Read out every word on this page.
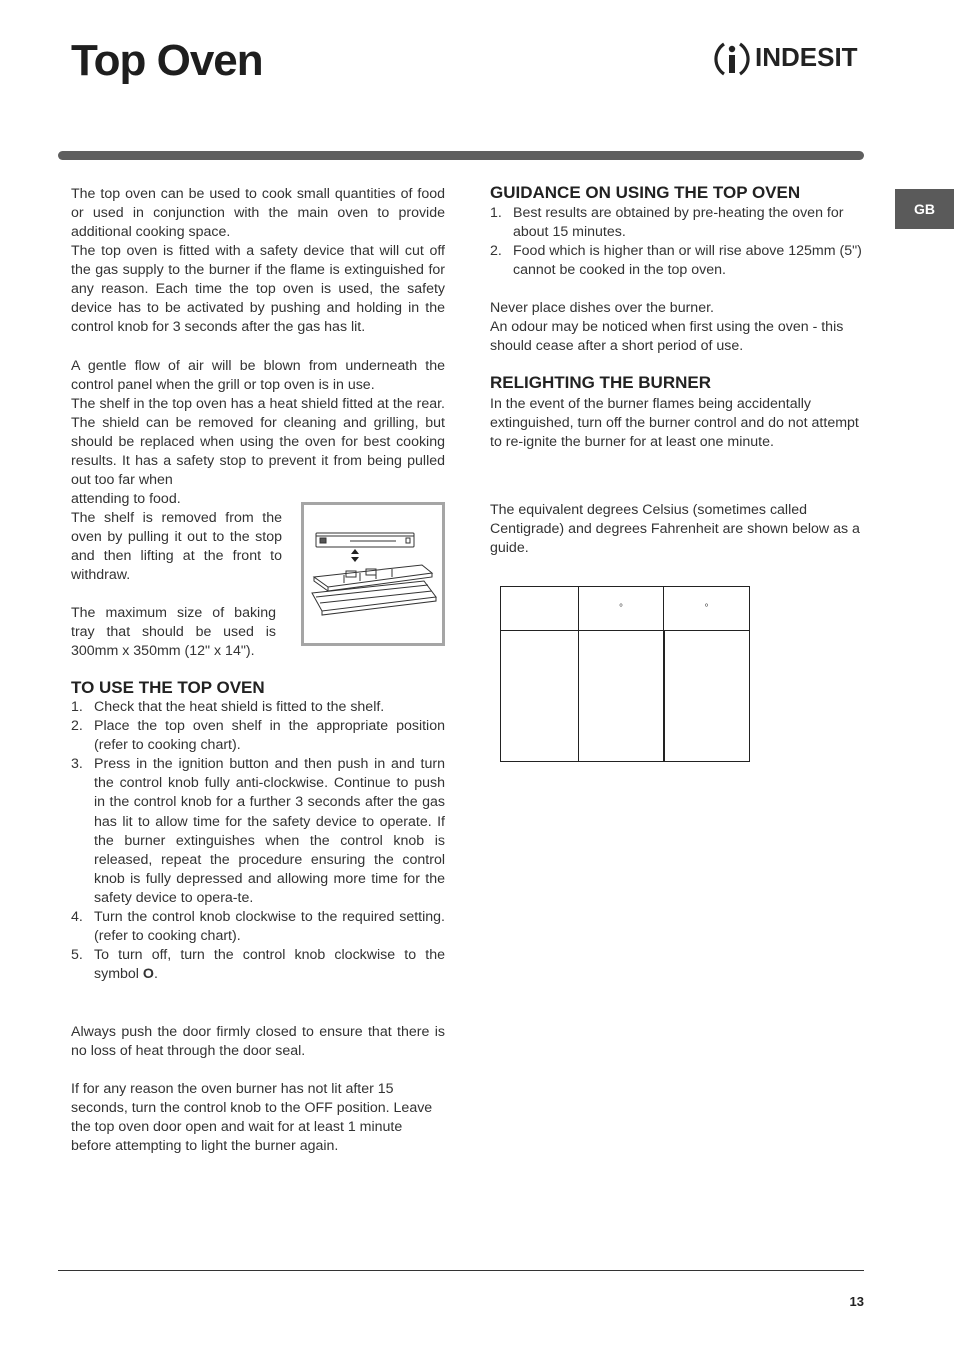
Top Oven	INDESIT
GB

The top oven can be used to cook small quantities of food or used in conjunction with the main oven to provide additional cooking space.

The top oven is fitted with a safety device that will cut off the gas supply to the burner if the flame is extinguished for any reason. Each time the top oven is used, the safety device has to be activated by pushing and holding in the control knob for 3 seconds after the gas has lit.

A gentle flow of air will be blown from underneath the control panel when the grill or top oven is in use.

The shelf in the top oven has a heat shield fitted at the rear. The shield can be removed for cleaning and grilling, but should be replaced when using the oven for best cooking results. It has a safety stop to prevent it from being pulled out too far when

attending to food.

The shelf is removed from the oven by pulling it out to the stop and then lifting at the front to withdraw.

The maximum size of baking tray that should be used is 300mm x 350mm (12" x 14").

TO USE THE TOP OVEN
1. Check that the heat shield is fitted to the shelf.
2. Place the top oven shelf in the appropriate position (refer to cooking chart).
3. Press in the ignition button and then push in and turn the control knob fully anti-clockwise. Continue to push in the control knob for a further 3 seconds after the gas has lit to allow time for the safety device to operate. If the burner extinguishes when the control knob is released, repeat the procedure ensuring the control knob is fully depressed and allowing more time for the safety device to opera-te.
4. Turn the control knob clockwise to the required setting. (refer to cooking chart).
5. To turn off, turn the control knob clockwise to the symbol O.

Always push the door firmly closed to ensure that there is no loss of heat through the door seal.

If for any reason the oven burner has not lit after 15 seconds, turn the control knob to the OFF position. Leave the top oven door open and wait for at least 1 minute before attempting to light the burner again.

GUIDANCE ON USING THE TOP OVEN
1. Best results are obtained by pre-heating the oven for about 15 minutes.
2. Food which is higher than or will rise above 125mm (5") cannot be cooked in the top oven.

Never place dishes over the burner.

An odour may be noticed when first using the oven - this should cease after a short period of use.

RELIGHTING THE BURNER

In the event of the burner flames being accidentally extinguished, turn off the burner control and do not attempt to re-ignite the burner for at least one minute.

The equivalent degrees Celsius (sometimes called Centigrade) and degrees Fahrenheit are shown below as a guide.

	°	°

13
